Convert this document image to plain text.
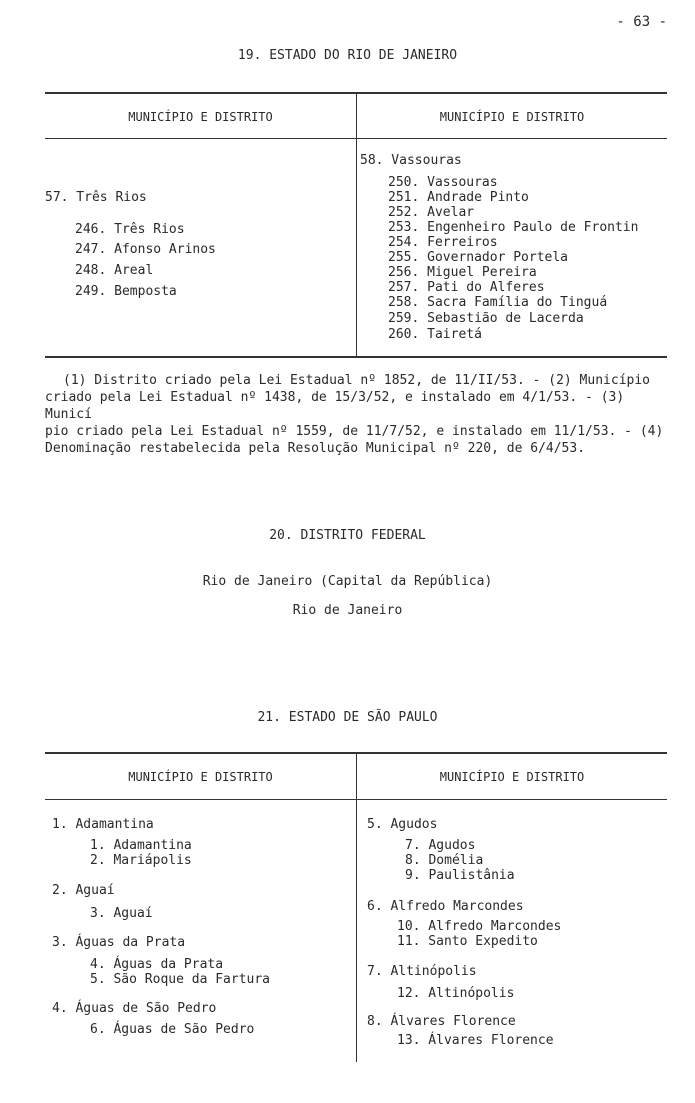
- 63 -
19. ESTADO DO RIO DE JANEIRO
MUNICÍPIO E DISTRITO	MUNICÍPIO E DISTRITO
57. Três Rios
246. Três Rios
247. Afonso Arinos
248. Areal
249. Bemposta
58. Vassouras
250. Vassouras
251. Andrade Pinto
252. Avelar
253. Engenheiro Paulo de Frontin
254. Ferreiros
255. Governador Portela
256. Miguel Pereira
257. Pati do Alferes
258. Sacra Família do Tinguá
259. Sebastião de Lacerda
260. Tairetá

(1) Distrito criado pela Lei Estadual nº 1852, de 11/II/53. - (2) Município

criado pela Lei Estadual nº 1438, de 15/3/52, e instalado em 4/1/53. - (3) Municí

pio criado pela Lei Estadual nº 1559, de 11/7/52, e instalado em 11/1/53. - (4)

Denominação restabelecida pela Resolução Municipal nº 220, de 6/4/53.

20. DISTRITO FEDERAL
Rio de Janeiro (Capital da República)
Rio de Janeiro
21. ESTADO DE SÃO PAULO
MUNICÍPIO E DISTRITO	MUNICÍPIO E DISTRITO
1. Adamantina
1. Adamantina
2. Mariápolis
2. Aguaí
3. Aguaí
3. Águas da Prata
4. Águas da Prata
5. São Roque da Fartura
4. Águas de São Pedro
6. Águas de São Pedro
5. Agudos
7. Agudos
8. Domélia
9. Paulistânia
6. Alfredo Marcondes
10. Alfredo Marcondes
11. Santo Expedito
7. Altinópolis
12. Altinópolis
8. Álvares Florence
13. Álvares Florence
